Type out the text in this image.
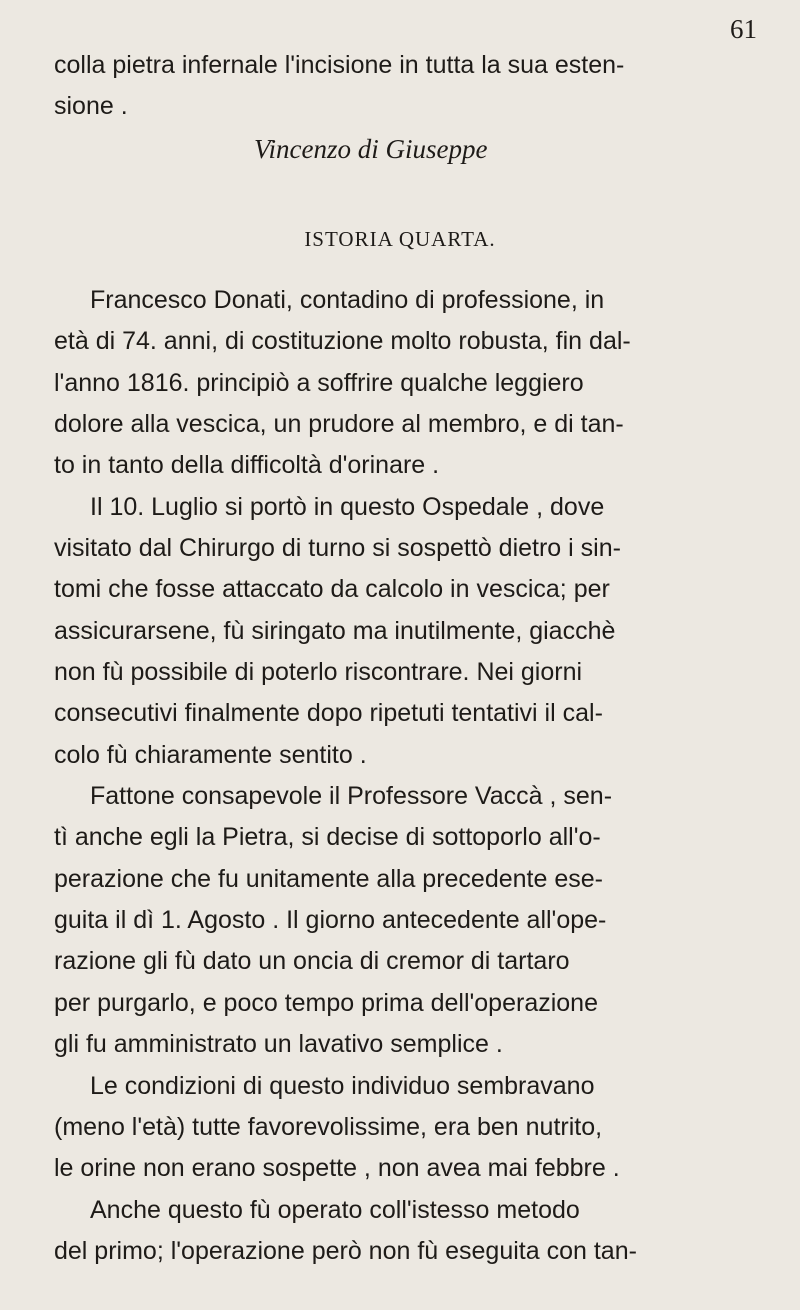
61
colla pietra infernale l'incisione in tutta la sua esten-
sione .
Vincenzo di Giuseppe
ISTORIA QUARTA.
Francesco Donati, contadino di professione, in
età di 74. anni, di costituzione molto robusta, fin dal-
l'anno 1816. principiò a soffrire qualche leggiero
dolore alla vescica, un prudore al membro, e di tan-
to in tanto della difficoltà d'orinare .
Il 10. Luglio si portò in questo Ospedale , dove
visitato dal Chirurgo di turno si sospettò dietro i sin-
tomi che fosse attaccato da calcolo in vescica; per
assicurarsene, fù siringato ma inutilmente, giacchè
non fù possibile di poterlo riscontrare. Nei giorni
consecutivi finalmente dopo ripetuti tentativi il cal-
colo fù chiaramente sentito .
Fattone consapevole il Professore Vaccà , sen-
tì anche egli la Pietra, si decise di sottoporlo all'o-
perazione che fu unitamente alla precedente ese-
guita il dì 1. Agosto . Il giorno antecedente all'ope-
razione gli fù dato un oncia di cremor di tartaro
per purgarlo, e poco tempo prima dell'operazione
gli fu amministrato un lavativo semplice .
Le condizioni di questo individuo sembravano
(meno l'età) tutte favorevolissime, era ben nutrito,
le orine non erano sospette , non avea mai febbre .
Anche questo fù operato coll'istesso metodo
del primo; l'operazione però non fù eseguita con tan-
